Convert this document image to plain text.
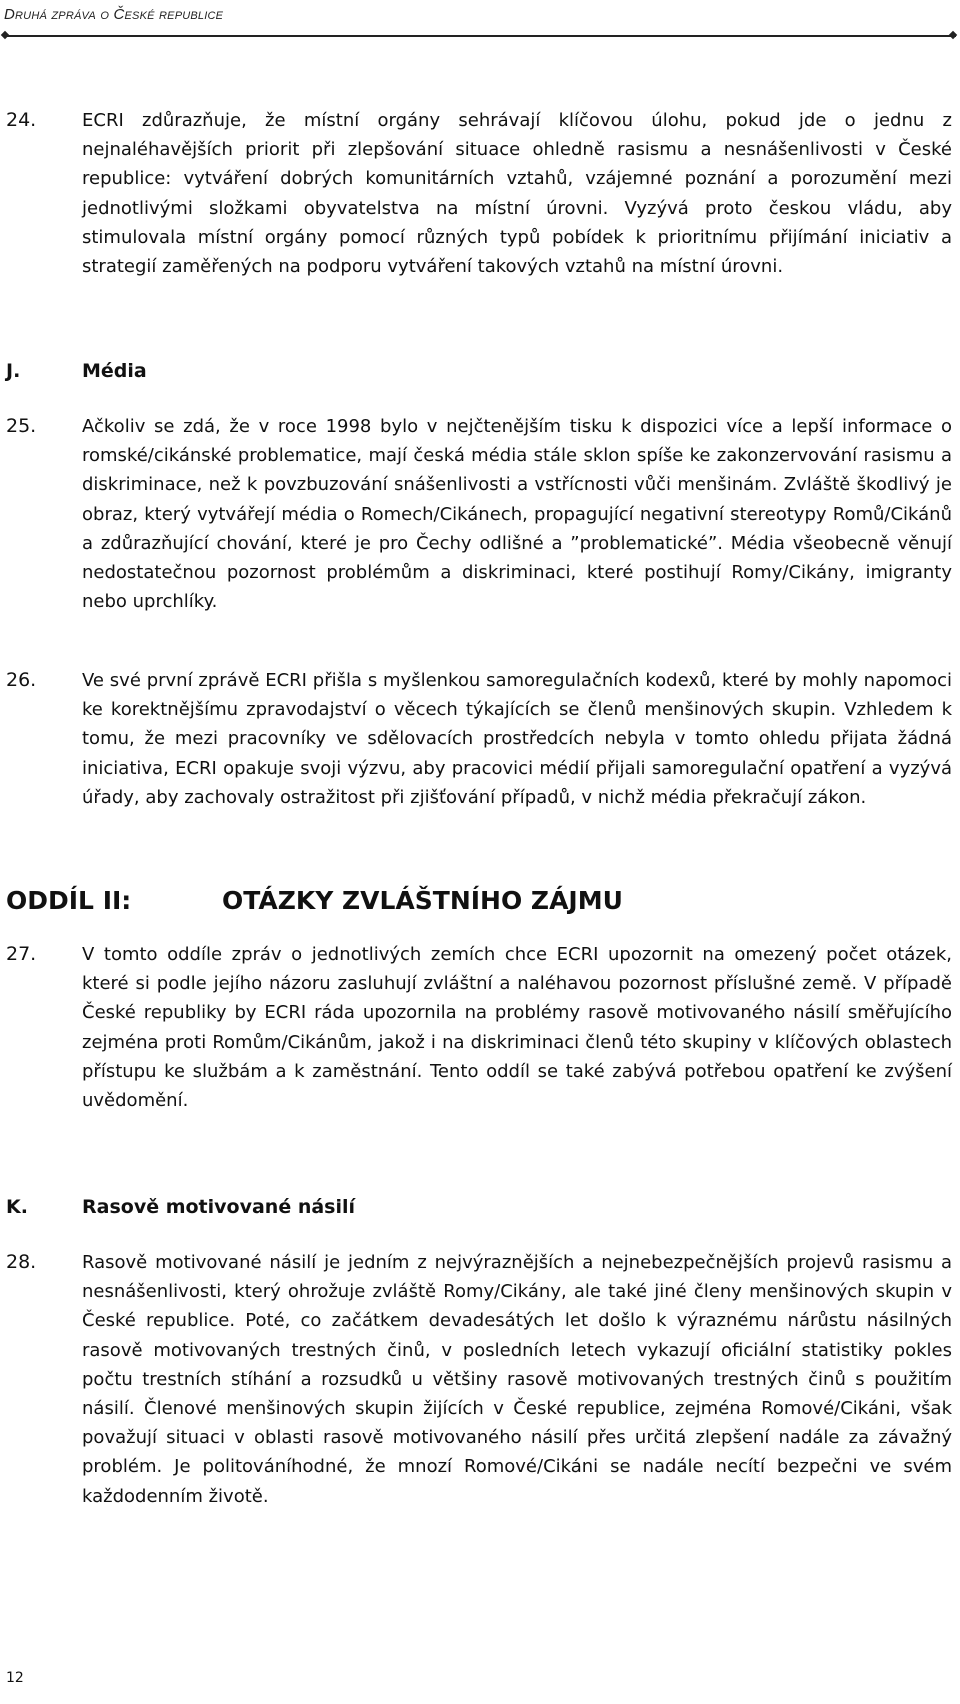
Druhá zpráva o České republice
24.	ECRI zdůrazňuje, že místní orgány sehrávají klíčovou úlohu, pokud jde o jednu z nejnaléhavějších priorit při zlepšování situace ohledně rasismu a nesnášenlivosti v České republice: vytváření dobrých komunitárních vztahů, vzájemné poznání a porozumění mezi jednotlivými složkami obyvatelstva na místní úrovni. Vyzývá proto českou vládu, aby stimulovala místní orgány pomocí různých typů pobídek k prioritnímu přijímání iniciativ a strategií zaměřených na podporu vytváření takových vztahů na místní úrovni.
J.	Média
25.	Ačkoliv se zdá, že v roce 1998 bylo v nejčtenějším tisku k dispozici více a lepší informace o romské/cikánské problematice, mají česká média stále sklon spíše ke zakonzervování rasismu a diskriminace, než k povzbuzování snášenlivosti a vstřícnosti vůči menšinám. Zvláště škodlivý je obraz, který vytvářejí média o Romech/Cikánech, propagující negativní stereotypy Romů/Cikánů a zdůrazňující chování, které je pro Čechy odlišné a ”problematické”. Média všeobecně věnují nedostatečnou pozornost problémům a diskriminaci, které postihují Romy/Cikány, imigranty nebo uprchlíky.
26.	Ve své první zprávě ECRI přišla s myšlenkou samoregulačních kodexů, které by mohly napomoci ke korektnějšímu zpravodajství o věcech týkajících se členů menšinových skupin. Vzhledem k tomu, že mezi pracovníky ve sdělovacích prostředcích nebyla v tomto ohledu přijata žádná iniciativa, ECRI opakuje svoji výzvu, aby pracovici médií přijali samoregulační opatření a vyzývá úřady, aby zachovaly ostražitost při zjišťování případů, v nichž média překračují zákon.
ODDÍL II:	OTÁZKY ZVLÁŠTNÍHO ZÁJMU
27.	V tomto oddíle zpráv o jednotlivých zemích chce ECRI upozornit na omezený počet otázek, které si podle jejího názoru zasluhují zvláštní a naléhavou pozornost příslušné země. V případě České republiky by ECRI ráda upozornila na problémy rasově motivovaného násilí směřujícího zejména proti Romům/Cikánům, jakož i na diskriminaci členů této skupiny v klíčových oblastech přístupu ke službám a k zaměstnání. Tento oddíl se také zabývá potřebou opatření ke zvýšení uvědomění.
K.	Rasově motivované násilí
28.	Rasově motivované násilí je jedním z nejvýraznějších a nejnebezpečnějších projevů rasismu a nesnášenlivosti, který ohrožuje zvláště Romy/Cikány, ale také jiné členy menšinových skupin v České republice. Poté, co začátkem devadesátých let došlo k výraznému nárůstu násilných rasově motivovaných trestných činů, v posledních letech vykazují oficiální statistiky pokles počtu trestních stíhání a rozsudků u většiny rasově motivovaných trestných činů s použitím násilí. Členové menšinových skupin žijících v České republice, zejména Romové/Cikáni, však považují situaci v oblasti rasově motivovaného násilí přes určitá zlepšení nadále za závažný problém. Je politováníhodné, že mnozí Romové/Cikáni se nadále necítí bezpečni ve svém každodenním životě.
12
